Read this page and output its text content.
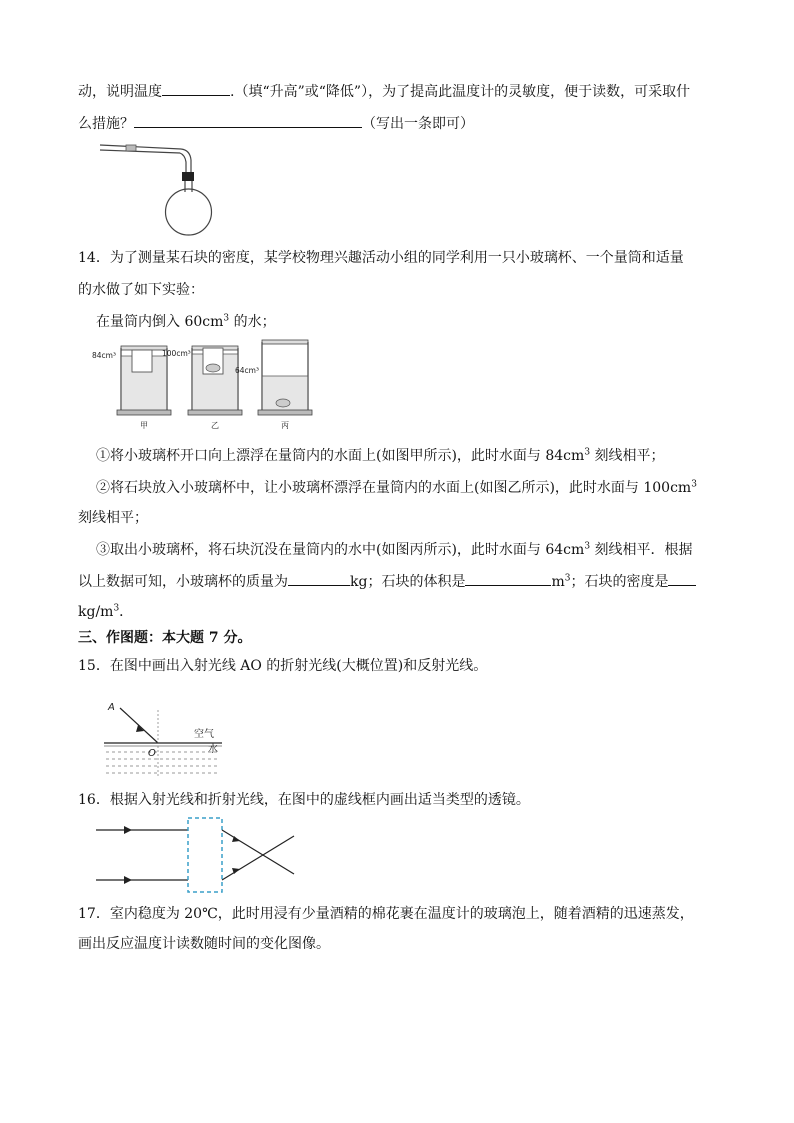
动，说明温度	.（填“升高”或“降低”），为了提高此温度计的灵敏度，便于读数，可采取什
么措施？	（写出一条即可）
14．为了测量某石块的密度，某学校物理兴趣活动小组的同学利用一只小玻璃杯、一个量筒和适量
的水做了如下实验：
在量筒内倒入 $60cm^3$ 的水；
84cm³
甲
100cm³
乙
64cm³
丙
①将小玻璃杯开口向上漂浮在量筒内的水面上(如图甲所示)，此时水面与 $84cm^3$ 刻线相平；
②将石块放入小玻璃杯中，让小玻璃杯漂浮在量筒内的水面上(如图乙所示)，此时水面与 $100cm^3$
刻线相平；
③取出小玻璃杯，将石块沉没在量筒内的水中(如图丙所示)，此时水面与 $64cm^3$ 刻线相平．根据
以上数据可知，小玻璃杯的质量为	kg；石块的体积是	$m^3$；石块的密度是
$kg/m^3$．
三、作图题：本大题 7 分。
15．在图中画出入射光线 AO 的折射光线(大概位置)和反射光线。
A
O
空气
水
16．根据入射光线和折射光线，在图中的虚线框内画出适当类型的透镜。
17．室内稳度为 20℃，此时用浸有少量酒精的棉花裹在温度计的玻璃泡上，随着酒精的迅速蒸发，
画出反应温度计读数随时间的变化图像。
